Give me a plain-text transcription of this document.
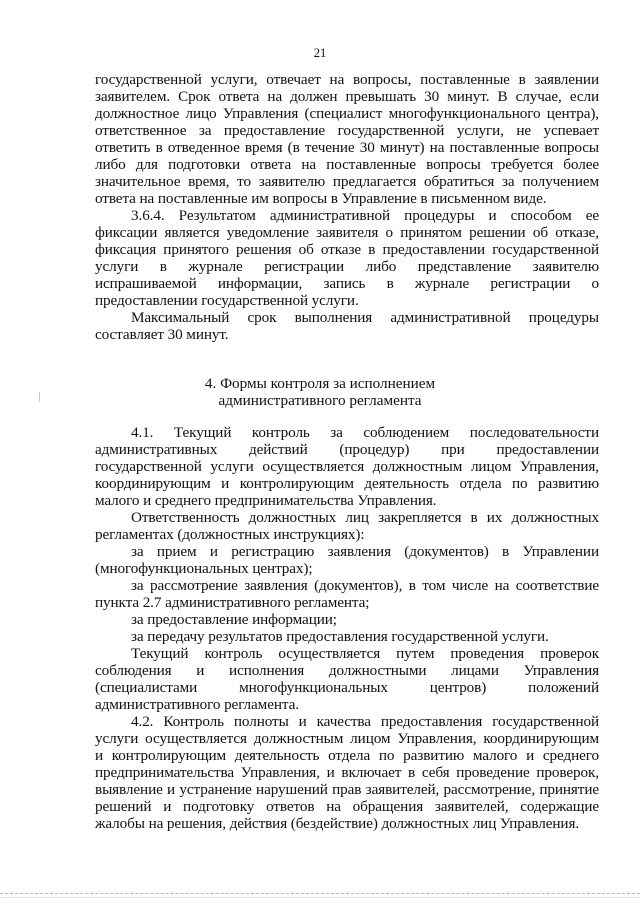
21
государственной услуги, отвечает на вопросы, поставленные в заявлении
заявителем. Срок ответа на должен превышать 30 минут. В случае, если
должностное лицо Управления (специалист многофункционального центра),
ответственное за предоставление государственной услуги, не успевает
ответить в отведенное время (в течение 30 минут) на поставленные вопросы
либо для подготовки ответа на поставленные вопросы требуется более
значительное время, то заявителю предлагается обратиться за получением
ответа на поставленные им вопросы в Управление в письменном виде.
3.6.4. Результатом административной процедуры и способом ее
фиксации является уведомление заявителя о принятом решении об отказе,
фиксация принятого решения об отказе в предоставлении государственной
услуги в журнале регистрации либо представление заявителю
испрашиваемой информации, запись в журнале регистрации о
предоставлении государственной услуги.
Максимальный срок выполнения административной процедуры
составляет 30 минут.
4. Формы контроля за исполнением
административного регламента
4.1. Текущий контроль за соблюдением последовательности
административных действий (процедур) при предоставлении
государственной услуги осуществляется должностным лицом Управления,
координирующим и контролирующим деятельность отдела по развитию
малого и среднего предпринимательства Управления.
Ответственность должностных лиц закрепляется в их должностных
регламентах (должностных инструкциях):
за прием и регистрацию заявления (документов) в Управлении
(многофункциональных центрах);
за рассмотрение заявления (документов), в том числе на соответствие
пункта 2.7 административного регламента;
за предоставление информации;
за передачу результатов предоставления государственной услуги.
Текущий контроль осуществляется путем проведения проверок
соблюдения и исполнения должностными лицами Управления
(специалистами многофункциональных центров) положений
административного регламента.
4.2. Контроль полноты и качества предоставления государственной
услуги осуществляется должностным лицом Управления, координирующим
и контролирующим деятельность отдела по развитию малого и среднего
предпринимательства Управления, и включает в себя проведение проверок,
выявление и устранение нарушений прав заявителей, рассмотрение, принятие
решений и подготовку ответов на обращения заявителей, содержащие
жалобы на решения, действия (бездействие) должностных лиц Управления.
